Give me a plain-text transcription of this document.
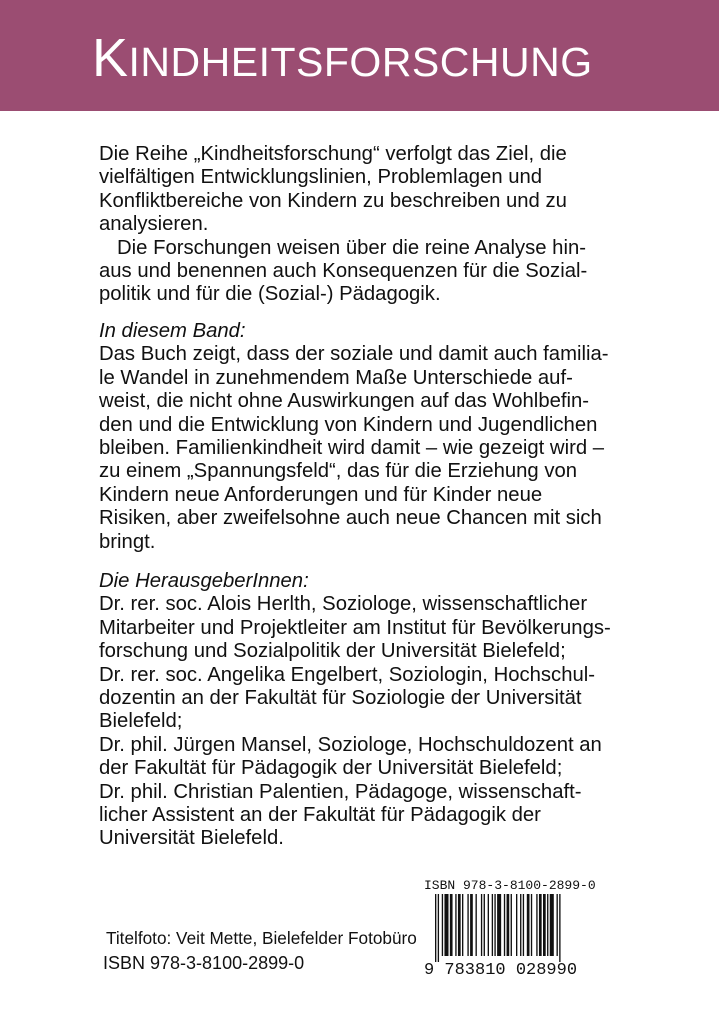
KINDHEITSFORSCHUNG
Die Reihe „Kindheitsforschung“ verfolgt das Ziel, die
vielfältigen Entwicklungslinien, Problemlagen und
Konfliktbereiche von Kindern zu beschreiben und zu
analysieren.
Die Forschungen weisen über die reine Analyse hin-
aus und benennen auch Konsequenzen für die Sozial-
politik und für die (Sozial-) Pädagogik.
In diesem Band:
Das Buch zeigt, dass der soziale und damit auch familia-
le Wandel in zunehmendem Maße Unterschiede auf-
weist, die nicht ohne Auswirkungen auf das Wohlbefin-
den und die Entwicklung von Kindern und Jugendlichen
bleiben. Familienkindheit wird damit – wie gezeigt wird –
zu einem „Spannungsfeld“, das für die Erziehung von
Kindern neue Anforderungen und für Kinder neue
Risiken, aber zweifelsohne auch neue Chancen mit sich
bringt.
Die HerausgeberInnen:
Dr. rer. soc. Alois Herlth, Soziologe, wissenschaftlicher
Mitarbeiter und Projektleiter am Institut für Bevölkerungs-
forschung und Sozialpolitik der Universität Bielefeld;
Dr. rer. soc. Angelika Engelbert, Soziologin, Hochschul-
dozentin an der Fakultät für Soziologie der Universität
Bielefeld;
Dr. phil. Jürgen Mansel, Soziologe, Hochschuldozent an
der Fakultät für Pädagogik der Universität Bielefeld;
Dr. phil. Christian Palentien, Pädagoge, wissenschaft-
licher Assistent an der Fakultät für Pädagogik der
Universität Bielefeld.
Titelfoto: Veit Mette, Bielefelder Fotobüro
ISBN 978-3-8100-2899-0
ISBN 978-3-8100-2899-0
9 783810 028990
